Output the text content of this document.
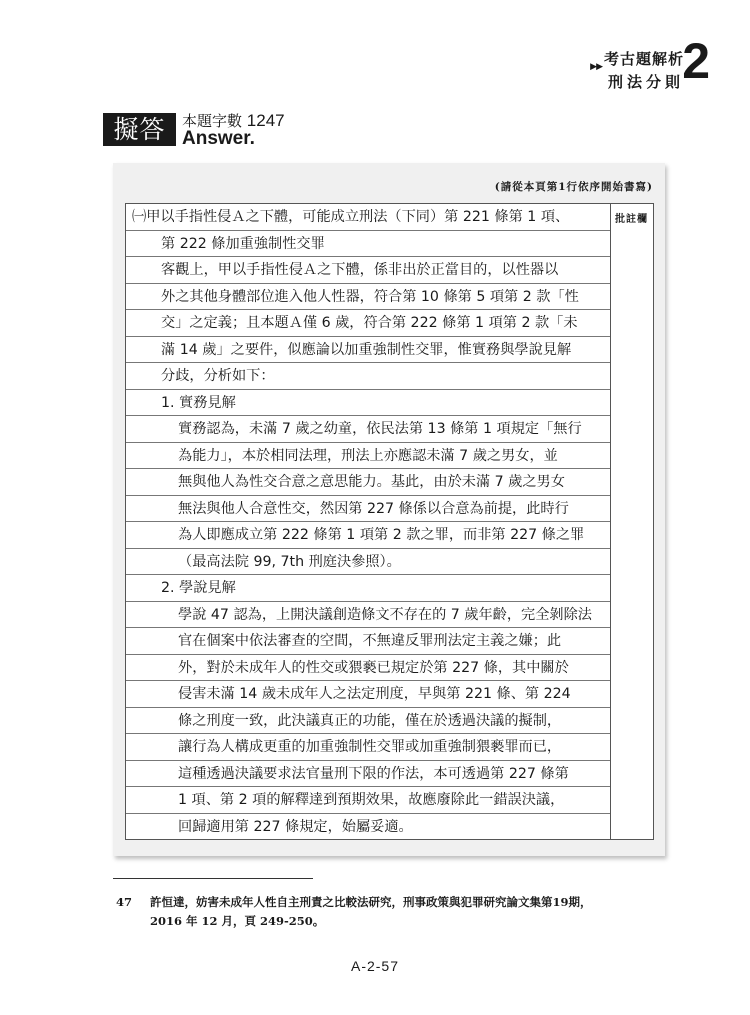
▶▶ 考古題解析
刑法分則
2
擬答	本題字數 1247
Answer.
(請從本頁第1行依序開始書寫)
批註欄
㈠甲以手指性侵Ａ之下體，可能成立刑法（下同）第 221 條第 1 項、
第 222 條加重強制性交罪
客觀上，甲以手指性侵Ａ之下體，係非出於正當目的，以性器以
外之其他身體部位進入他人性器，符合第 10 條第 5 項第 2 款「性
交」之定義；且本題Ａ僅 6 歲，符合第 222 條第 1 項第 2 款「未
滿 14 歲」之要件，似應論以加重強制性交罪，惟實務與學說見解
分歧，分析如下：
1. 實務見解
實務認為，未滿 7 歲之幼童，依民法第 13 條第 1 項規定「無行
為能力」，本於相同法理，刑法上亦應認未滿 7 歲之男女，並
無與他人為性交合意之意思能力。基此，由於未滿 7 歲之男女
無法與他人合意性交，然因第 227 條係以合意為前提，此時行
為人即應成立第 222 條第 1 項第 2 款之罪，而非第 227 條之罪
（最高法院 99, 7th 刑庭決參照）。
2. 學說見解
學說 47 認為，上開決議創造條文不存在的 7 歲年齡，完全剝除法
官在個案中依法審查的空間，不無違反罪刑法定主義之嫌；此
外，對於未成年人的性交或猥褻已規定於第 227 條，其中關於
侵害未滿 14 歲未成年人之法定刑度，早與第 221 條、第 224
條之刑度一致，此決議真正的功能，僅在於透過決議的擬制，
讓行為人構成更重的加重強制性交罪或加重強制猥褻罪而已，
這種透過決議要求法官量刑下限的作法，本可透過第 227 條第
1 項、第 2 項的解釋達到預期效果，故應廢除此一錯誤決議，
回歸適用第 227 條規定，始屬妥適。
47 許恒達，妨害未成年人性自主刑責之比較法研究，刑事政策與犯罪研究論文集第19期，
2016 年 12 月，頁 249-250。
A-2-57
